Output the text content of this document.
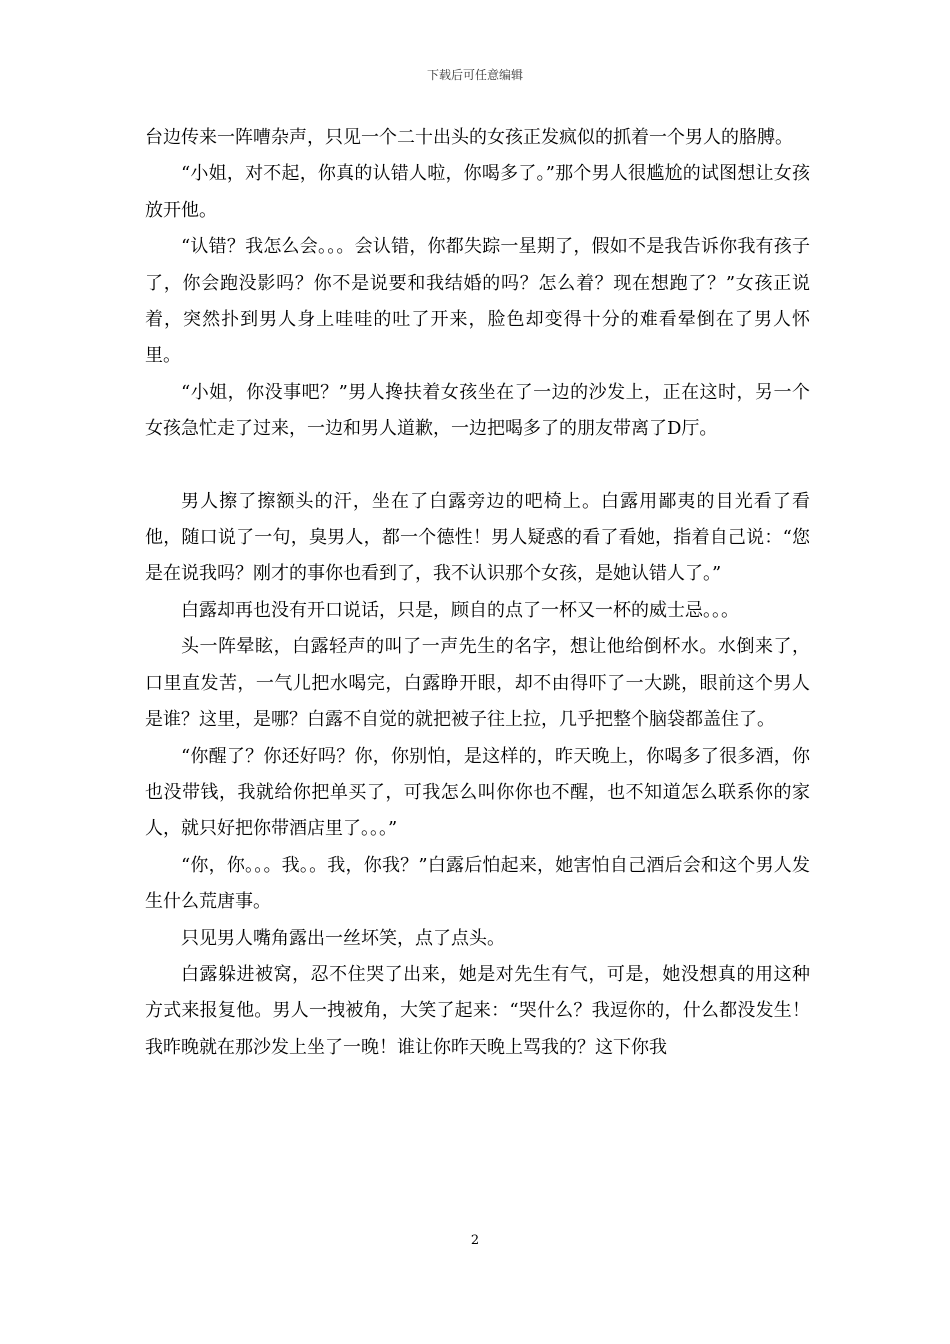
下载后可任意编辑

台边传来一阵嘈杂声，只见一个二十出头的女孩正发疯似的抓着一个男人的胳膊。

“小姐，对不起，你真的认错人啦，你喝多了。”那个男人很尴尬的试图想让女孩放开他。

“认错？我怎么会。。。会认错，你都失踪一星期了，假如不是我告诉你我有孩子了，你会跑没影吗？你不是说要和我结婚的吗？怎么着？现在想跑了？”女孩正说着，突然扑到男人身上哇哇的吐了开来，脸色却变得十分的难看晕倒在了男人怀里。

“小姐，你没事吧？”男人搀扶着女孩坐在了一边的沙发上，正在这时，另一个女孩急忙走了过来，一边和男人道歉，一边把喝多了的朋友带离了D厅。

男人擦了擦额头的汗，坐在了白露旁边的吧椅上。白露用鄙夷的目光看了看他，随口说了一句，臭男人，都一个德性！男人疑惑的看了看她，指着自己说：“您是在说我吗？刚才的事你也看到了，我不认识那个女孩，是她认错人了。”

白露却再也没有开口说话，只是，顾自的点了一杯又一杯的威士忌。。。

头一阵晕眩，白露轻声的叫了一声先生的名字，想让他给倒杯水。水倒来了，口里直发苦，一气儿把水喝完，白露睁开眼，却不由得吓了一大跳，眼前这个男人是谁？这里，是哪？白露不自觉的就把被子往上拉，几乎把整个脑袋都盖住了。

“你醒了？你还好吗？你，你别怕，是这样的，昨天晚上，你喝多了很多酒，你也没带钱，我就给你把单买了，可我怎么叫你你也不醒，也不知道怎么联系你的家人，就只好把你带酒店里了。。。”

“你，你。。。我。。我，你我？”白露后怕起来，她害怕自己酒后会和这个男人发生什么荒唐事。

只见男人嘴角露出一丝坏笑，点了点头。

白露躲进被窝，忍不住哭了出来，她是对先生有气，可是，她没想真的用这种方式来报复他。男人一拽被角，大笑了起来：“哭什么？我逗你的，什么都没发生！我昨晚就在那沙发上坐了一晚！谁让你昨天晚上骂我的？这下你我

2
